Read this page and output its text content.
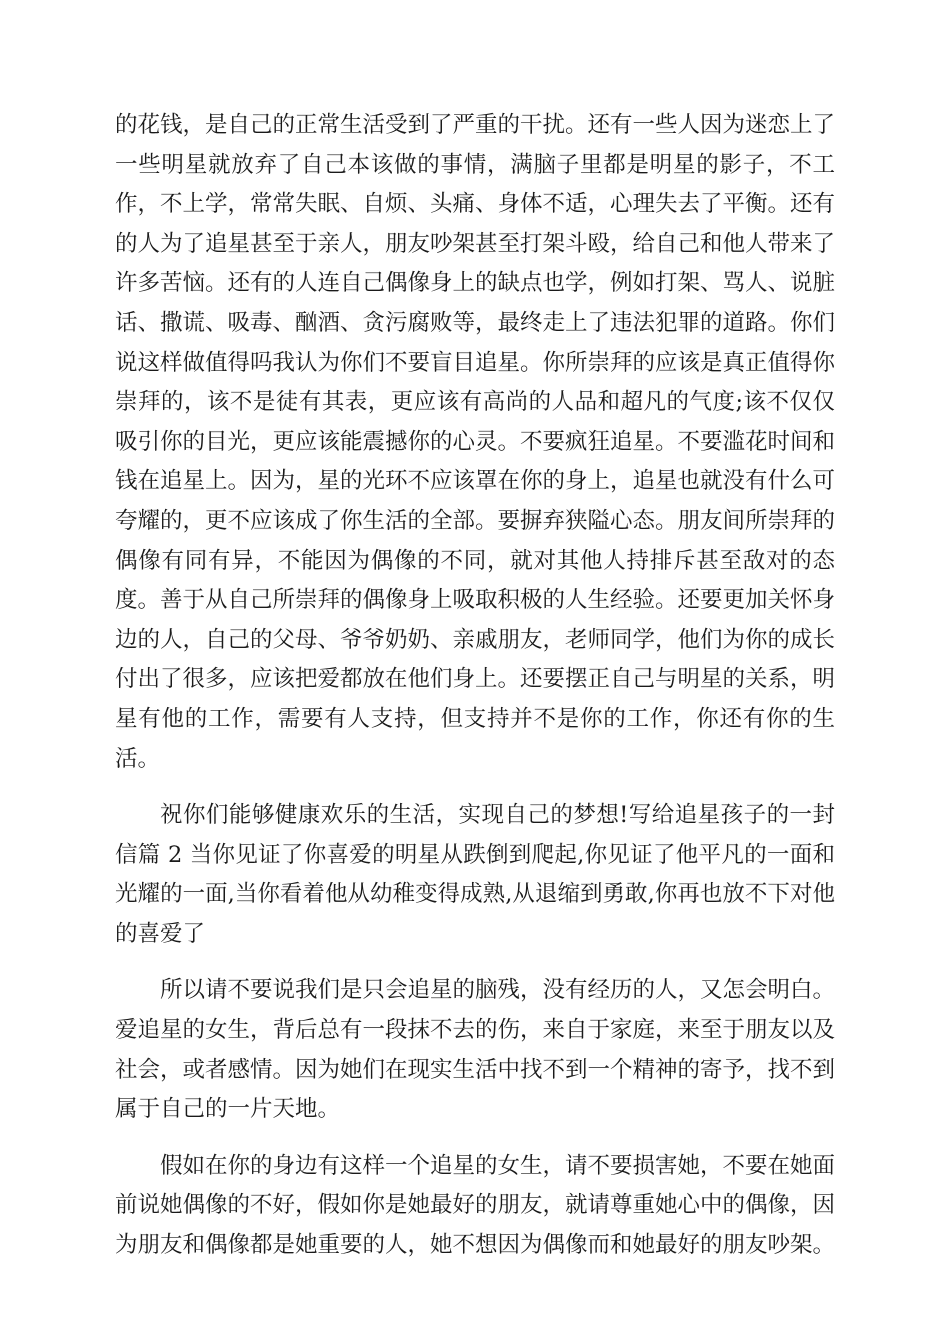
的花钱，是自己的正常生活受到了严重的干扰。还有一些人因为迷恋上了一些明星就放弃了自己本该做的事情，满脑子里都是明星的影子，不工作，不上学，常常失眠、自烦、头痛、身体不适，心理失去了平衡。还有的人为了追星甚至于亲人，朋友吵架甚至打架斗殴，给自己和他人带来了许多苦恼。还有的人连自己偶像身上的缺点也学，例如打架、骂人、说脏话、撒谎、吸毒、酗酒、贪污腐败等，最终走上了违法犯罪的道路。你们说这样做值得吗我认为你们不要盲目追星。你所崇拜的应该是真正值得你崇拜的，该不是徒有其表，更应该有高尚的人品和超凡的气度;该不仅仅吸引你的目光，更应该能震撼你的心灵。不要疯狂追星。不要滥花时间和钱在追星上。因为，星的光环不应该罩在你的身上，追星也就没有什么可夸耀的，更不应该成了你生活的全部。要摒弃狭隘心态。朋友间所崇拜的偶像有同有异，不能因为偶像的不同，就对其他人持排斥甚至敌对的态度。善于从自己所崇拜的偶像身上吸取积极的人生经验。还要更加关怀身边的人，自己的父母、爷爷奶奶、亲戚朋友，老师同学，他们为你的成长付出了很多，应该把爱都放在他们身上。还要摆正自己与明星的关系，明星有他的工作，需要有人支持，但支持并不是你的工作，你还有你的生活。

祝你们能够健康欢乐的生活，实现自己的梦想!写给追星孩子的一封信篇 2 当你见证了你喜爱的明星从跌倒到爬起,你见证了他平凡的一面和光耀的一面,当你看着他从幼稚变得成熟,从退缩到勇敢,你再也放不下对他的喜爱了

所以请不要说我们是只会追星的脑残，没有经历的人，又怎会明白。爱追星的女生，背后总有一段抹不去的伤，来自于家庭，来至于朋友以及社会，或者感情。因为她们在现实生活中找不到一个精神的寄予，找不到属于自己的一片天地。

假如在你的身边有这样一个追星的女生，请不要损害她，不要在她面前说她偶像的不好，假如你是她最好的朋友，就请尊重她心中的偶像，因为朋友和偶像都是她重要的人，她不想因为偶像而和她最好的朋友吵架。
